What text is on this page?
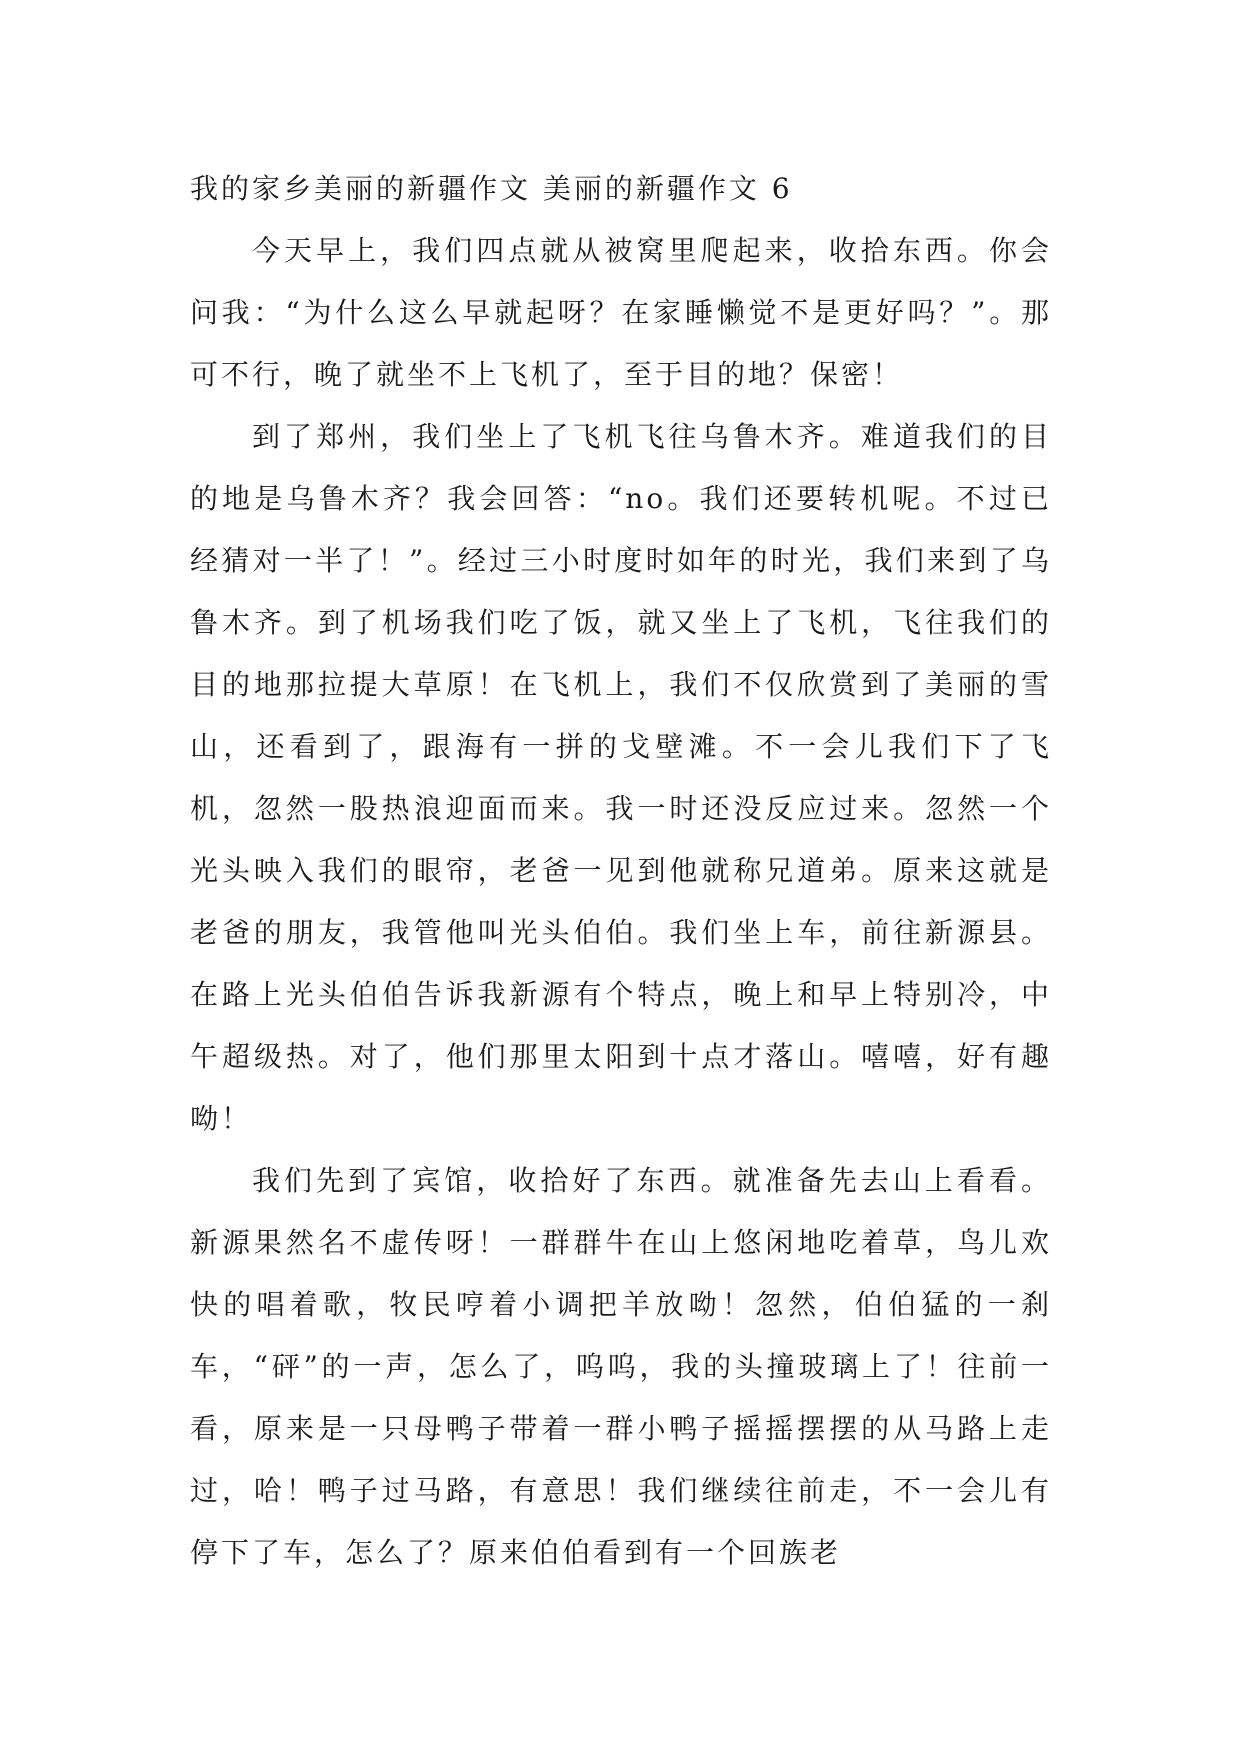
我的家乡美丽的新疆作文 美丽的新疆作文 6

今天早上，我们四点就从被窝里爬起来，收拾东西。你会问我：“为什么这么早就起呀？在家睡懒觉不是更好吗？”。那可不行，晚了就坐不上飞机了，至于目的地？保密！

到了郑州，我们坐上了飞机飞往乌鲁木齐。难道我们的目的地是乌鲁木齐？我会回答：“no。我们还要转机呢。不过已经猜对一半了！”。经过三小时度时如年的时光，我们来到了乌鲁木齐。到了机场我们吃了饭，就又坐上了飞机，飞往我们的目的地那拉提大草原！在飞机上，我们不仅欣赏到了美丽的雪山，还看到了，跟海有一拼的戈壁滩。不一会儿我们下了飞机，忽然一股热浪迎面而来。我一时还没反应过来。忽然一个光头映入我们的眼帘，老爸一见到他就称兄道弟。原来这就是老爸的朋友，我管他叫光头伯伯。我们坐上车，前往新源县。在路上光头伯伯告诉我新源有个特点，晚上和早上特别冷，中午超级热。对了，他们那里太阳到十点才落山。嘻嘻，好有趣呦！

我们先到了宾馆，收拾好了东西。就准备先去山上看看。新源果然名不虚传呀！一群群牛在山上悠闲地吃着草，鸟儿欢快的唱着歌，牧民哼着小调把羊放呦！忽然，伯伯猛的一刹车，“砰”的一声，怎么了，呜呜，我的头撞玻璃上了！往前一看，原来是一只母鸭子带着一群小鸭子摇摇摆摆的从马路上走过，哈！鸭子过马路，有意思！我们继续往前走，不一会儿有停下了车，怎么了？原来伯伯看到有一个回族老
